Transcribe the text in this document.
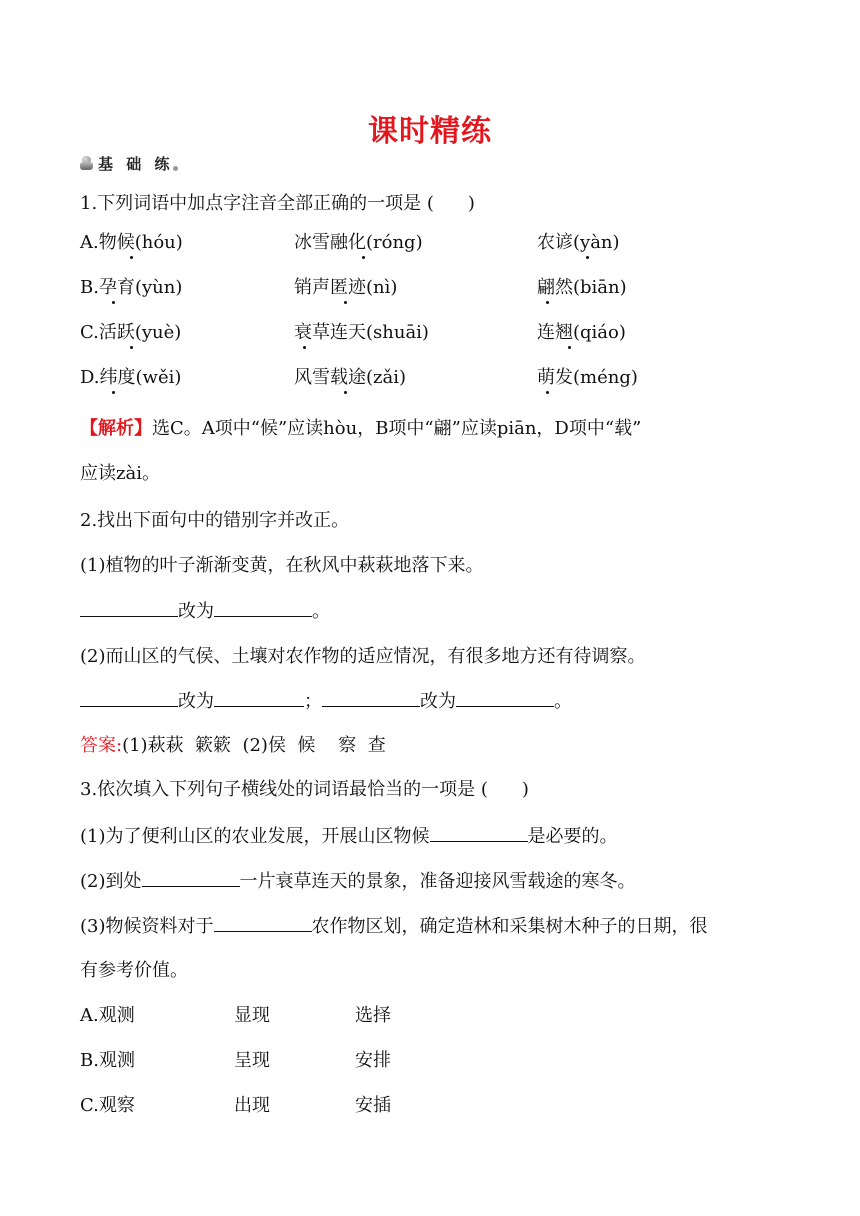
课时精练
基 础 练
1.下列词语中加点字注音全部正确的一项是 ( )
A.物候(hóu)	冰雪融化(róng)	农谚(yàn)
B.孕育(yùn)	销声匿迹(nì)	翩然(biān)
C.活跃(yuè)	衰草连天(shuāi)	连翘(qiáo)
D.纬度(wěi)	风雪载途(zǎi)	萌发(méng)
【解析】选C。A项中“候”应读hòu，B项中“翩”应读piān，D项中“载”
应读zài。
2.找出下面句中的错别字并改正。
(1)植物的叶子渐渐变黄，在秋风中萩萩地落下来。
改为	。
(2)而山区的气侯、土壤对农作物的适应情况，有很多地方还有待调察。
改为	；	改为	。
答案:(1)萩萩  簌簌  (2)侯  候    察  查
3.依次填入下列句子横线处的词语最恰当的一项是 ( )
(1)为了便利山区的农业发展，开展山区物候	是必要的。
(2)到处	一片衰草连天的景象，准备迎接风雪载途的寒冬。
(3)物候资料对于	农作物区划，确定造林和采集树木种子的日期，很
有参考价值。
A.观测	显现	选择
B.观测	呈现	安排
C.观察	出现	安插
